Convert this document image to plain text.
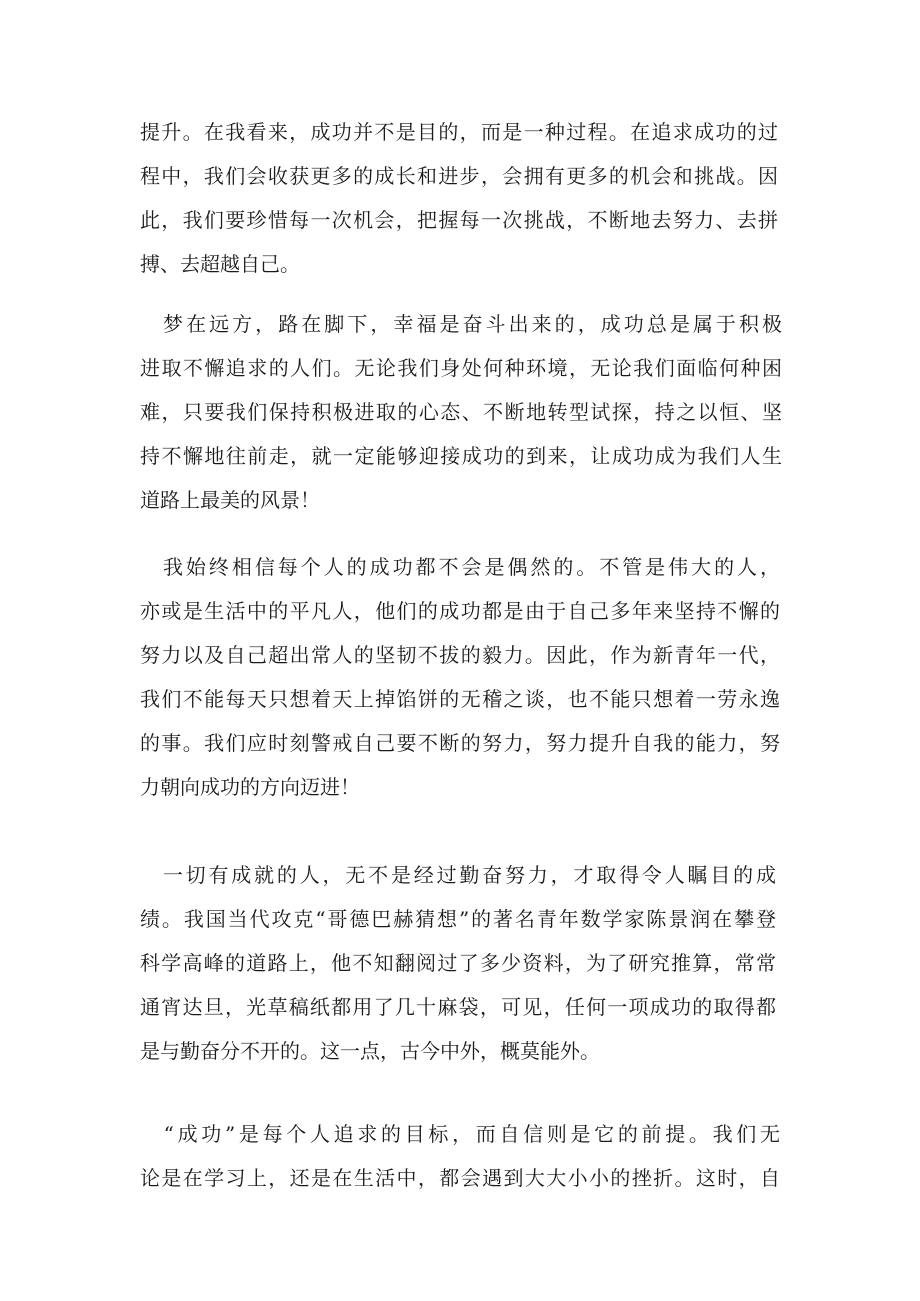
提升。在我看来，成功并不是目的，而是一种过程。在追求成功的过
程中，我们会收获更多的成长和进步，会拥有更多的机会和挑战。因
此，我们要珍惜每一次机会，把握每一次挑战，不断地去努力、去拼
搏、去超越自己。
　梦在远方，路在脚下，幸福是奋斗出来的，成功总是属于积极
进取不懈追求的人们。无论我们身处何种环境，无论我们面临何种困
难，只要我们保持积极进取的心态、不断地转型试探，持之以恒、坚
持不懈地往前走，就一定能够迎接成功的到来，让成功成为我们人生
道路上最美的风景！
　我始终相信每个人的成功都不会是偶然的。不管是伟大的人，
亦或是生活中的平凡人，他们的成功都是由于自己多年来坚持不懈的
努力以及自己超出常人的坚韧不拔的毅力。因此，作为新青年一代，
我们不能每天只想着天上掉馅饼的无稽之谈，也不能只想着一劳永逸
的事。我们应时刻警戒自己要不断的努力，努力提升自我的能力，努
力朝向成功的方向迈进！
　一切有成就的人，无不是经过勤奋努力，才取得令人瞩目的成
绩。我国当代攻克“哥德巴赫猜想”的著名青年数学家陈景润在攀登
科学高峰的道路上，他不知翻阅过了多少资料，为了研究推算，常常
通宵达旦，光草稿纸都用了几十麻袋，可见，任何一项成功的取得都
是与勤奋分不开的。这一点，古今中外，概莫能外。
　“成功”是每个人追求的目标，而自信则是它的前提。我们无
论是在学习上，还是在生活中，都会遇到大大小小的挫折。这时，自
